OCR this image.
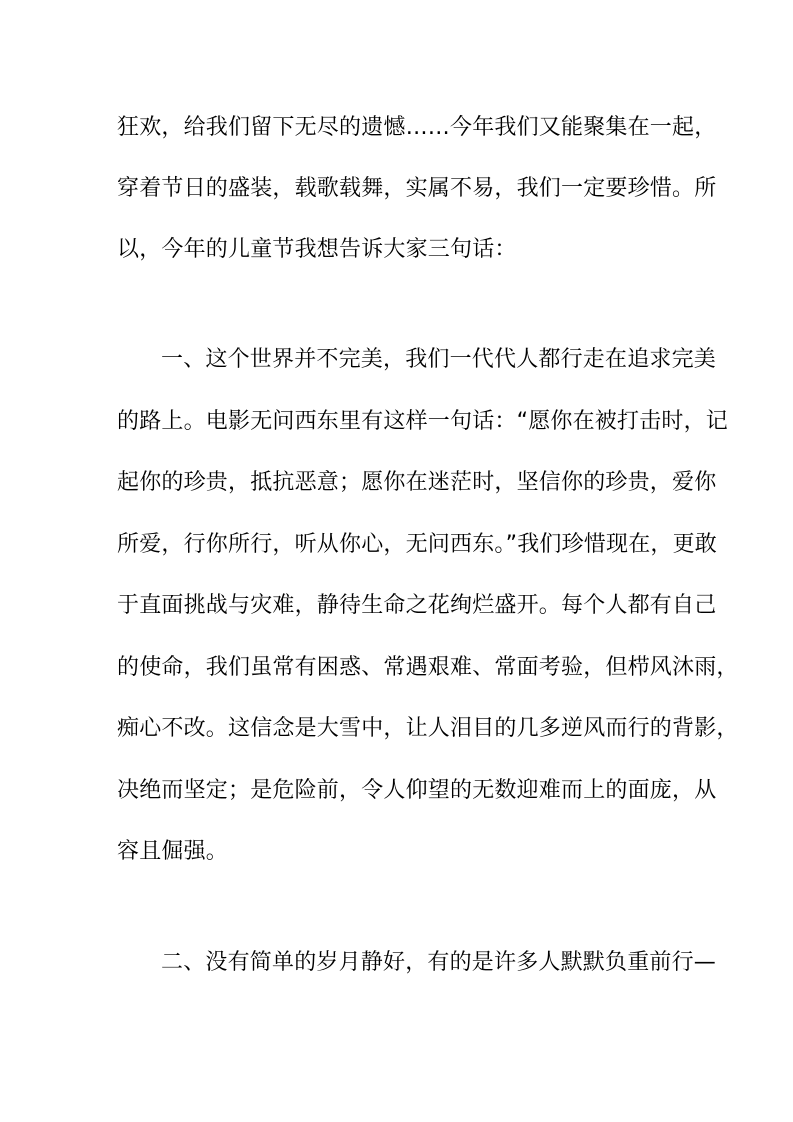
狂欢，给我们留下无尽的遗憾……今年我们又能聚集在一起，
穿着节日的盛装，载歌载舞，实属不易，我们一定要珍惜。所
以，今年的儿童节我想告诉大家三句话：
一、这个世界并不完美，我们一代代人都行走在追求完美
的路上。电影无问西东里有这样一句话：“愿你在被打击时，记
起你的珍贵，抵抗恶意；愿你在迷茫时，坚信你的珍贵，爱你
所爱，行你所行，听从你心，无问西东。”我们珍惜现在，更敢
于直面挑战与灾难，静待生命之花绚烂盛开。每个人都有自己
的使命，我们虽常有困惑、常遇艰难、常面考验，但栉风沐雨，
痴心不改。这信念是大雪中，让人泪目的几多逆风而行的背影，
决绝而坚定；是危险前，令人仰望的无数迎难而上的面庞，从
容且倔强。
二、没有简单的岁月静好，有的是许多人默默负重前行—
